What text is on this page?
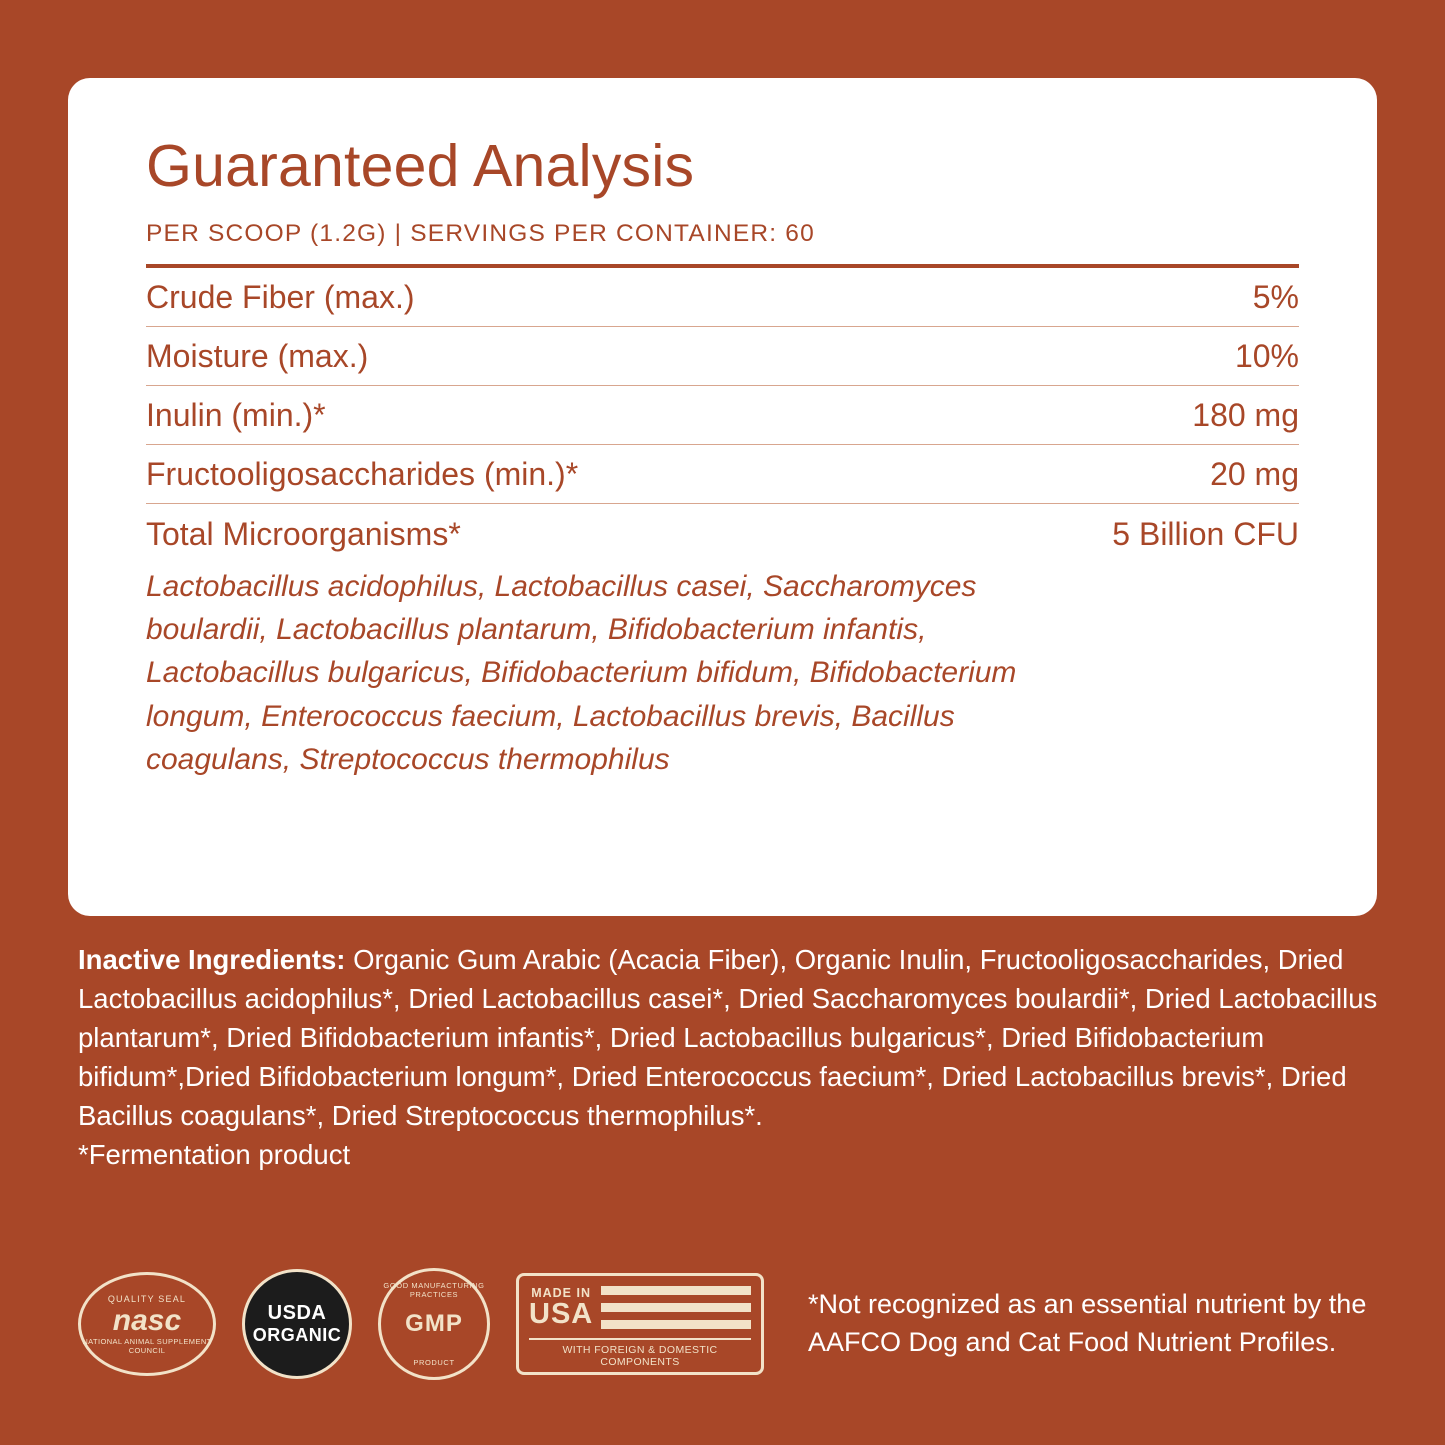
Guaranteed Analysis
PER SCOOP (1.2G) | SERVINGS PER CONTAINER: 60
Crude Fiber (max.)	5%
Moisture (max.)	10%
Inulin (min.)*	180 mg
Fructooligosaccharides (min.)*	20 mg
Total Microorganisms*	5 Billion CFU
Lactobacillus acidophilus, Lactobacillus casei, Saccharomyces boulardii, Lactobacillus plantarum, Bifidobacterium infantis, Lactobacillus bulgaricus, Bifidobacterium bifidum, Bifidobacterium longum, Enterococcus faecium, Lactobacillus brevis, Bacillus coagulans, Streptococcus thermophilus
Inactive Ingredients: Organic Gum Arabic (Acacia Fiber), Organic Inulin, Fructooligosaccharides, Dried Lactobacillus acidophilus*, Dried Lactobacillus casei*, Dried Saccharomyces boulardii*, Dried Lactobacillus plantarum*, Dried Bifidobacterium infantis*, Dried Lactobacillus bulgaricus*, Dried Bifidobacterium bifidum*,Dried Bifidobacterium longum*, Dried Enterococcus faecium*, Dried Lactobacillus brevis*, Dried Bacillus coagulans*, Dried Streptococcus thermophilus*.
*Fermentation product
QUALITY SEAL
nasc
NATIONAL ANIMAL SUPPLEMENT COUNCIL
USDA
ORGANIC
GOOD MANUFACTURING PRACTICES
GMP
PRODUCT
MADE IN
USA
WITH FOREIGN & DOMESTIC COMPONENTS
*Not recognized as an essential nutrient by the AAFCO Dog and Cat Food Nutrient Profiles.
